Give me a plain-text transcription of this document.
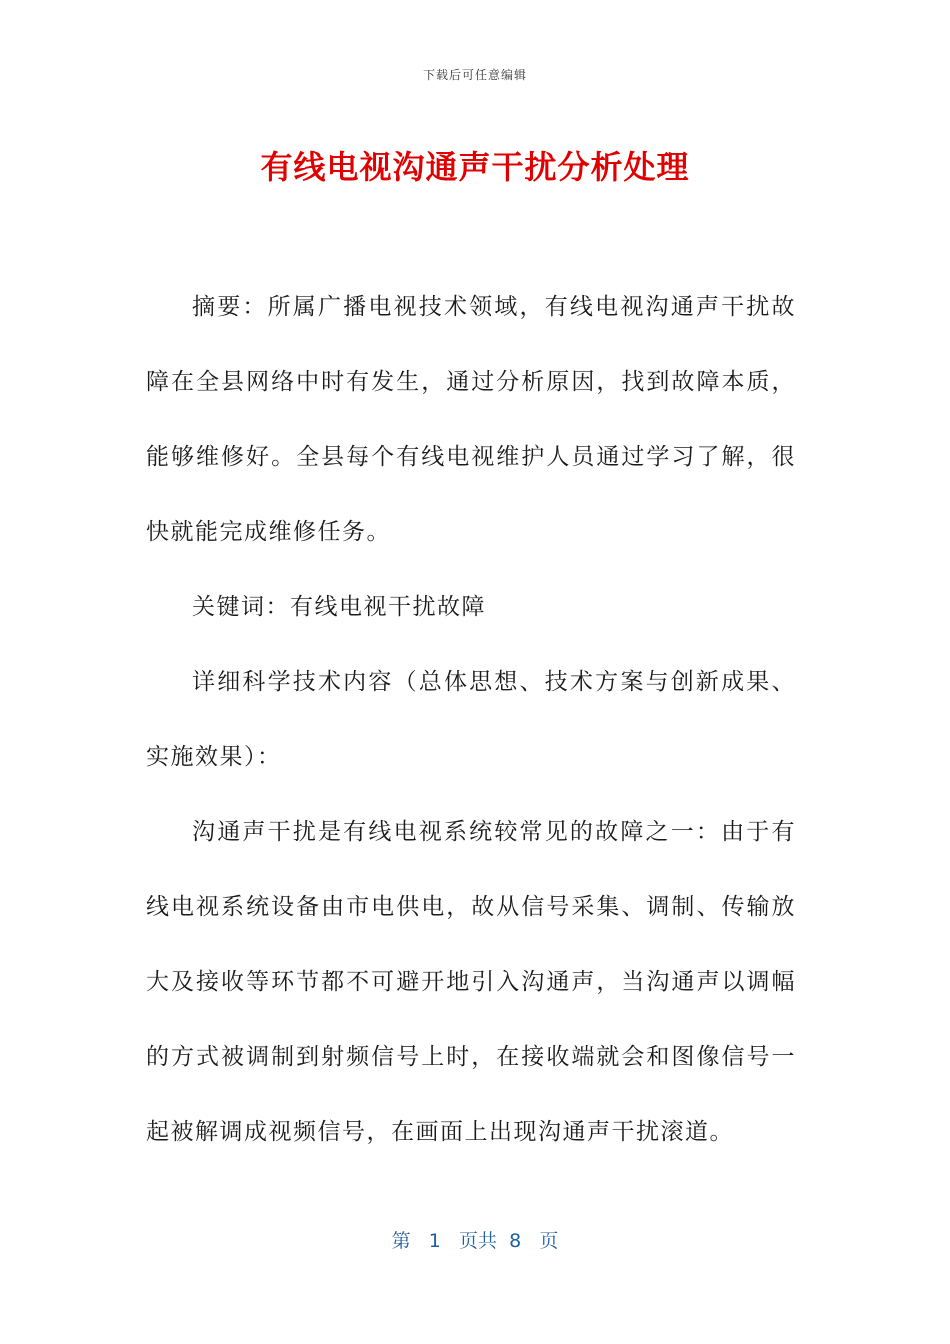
下载后可任意编辑
有线电视沟通声干扰分析处理

摘要：所属广播电视技术领域，有线电视沟通声干扰故障在全县网络中时有发生，通过分析原因，找到故障本质，能够维修好。全县每个有线电视维护人员通过学习了解，很快就能完成维修任务。

关键词：有线电视干扰故障

详细科学技术内容（总体思想、技术方案与创新成果、实施效果）：

沟通声干扰是有线电视系统较常见的故障之一：由于有线电视系统设备由市电供电，故从信号采集、调制、传输放大及接收等环节都不可避开地引入沟通声，当沟通声以调幅的方式被调制到射频信号上时，在接收端就会和图像信号一起被解调成视频信号，在画面上出现沟通声干扰滚道。

第 1 页共 8 页
